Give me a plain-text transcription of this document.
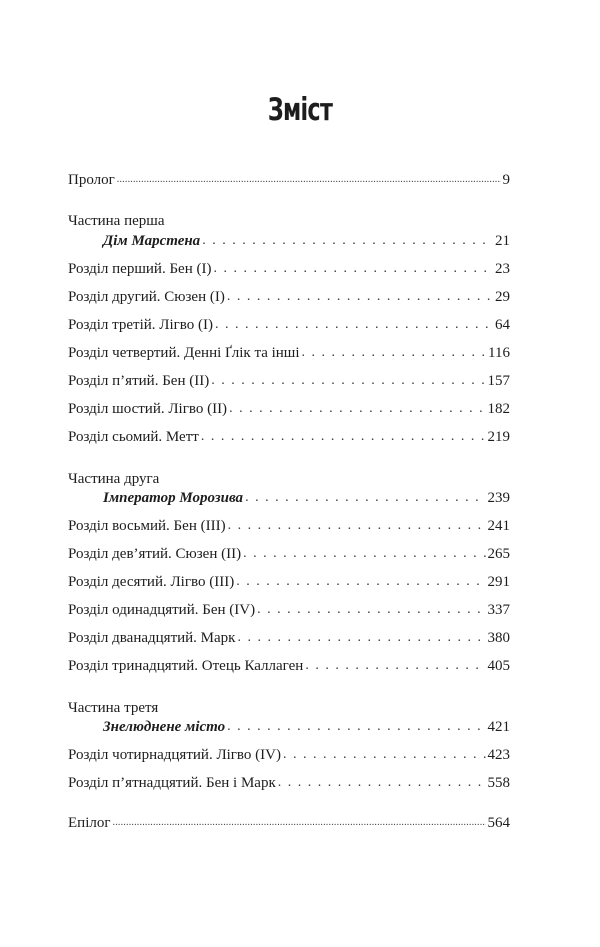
Зміст
Пролог .....	9
Частина перша
Дім Марстена . . .	21
Розділ перший. Бен (І) . . .	23
Розділ другий. Сюзен (І) . . .	29
Розділ третій. Лігво (І) . . .	64
Розділ четвертий. Денні Ґлік та інші . . .	116
Розділ п’ятий. Бен (ІІ) . . .	157
Розділ шостий. Лігво (ІІ) . . .	182
Розділ сьомий. Метт . . .	219
Частина друга
Імператор Морозива . . .	239
Розділ восьмий. Бен (ІІІ) . . .	241
Розділ дев’ятий. Сюзен (ІІ) . . .	265
Розділ десятий. Лігво (ІІІ) . . .	291
Розділ одинадцятий. Бен (IV) . . .	337
Розділ дванадцятий. Марк . . .	380
Розділ тринадцятий. Отець Каллаген . . .	405
Частина третя
Знелюднене місто . . .	421
Розділ чотирнадцятий. Лігво (IV) . . .	423
Розділ п’ятнадцятий. Бен і Марк . . .	558
Епілог .....	564
